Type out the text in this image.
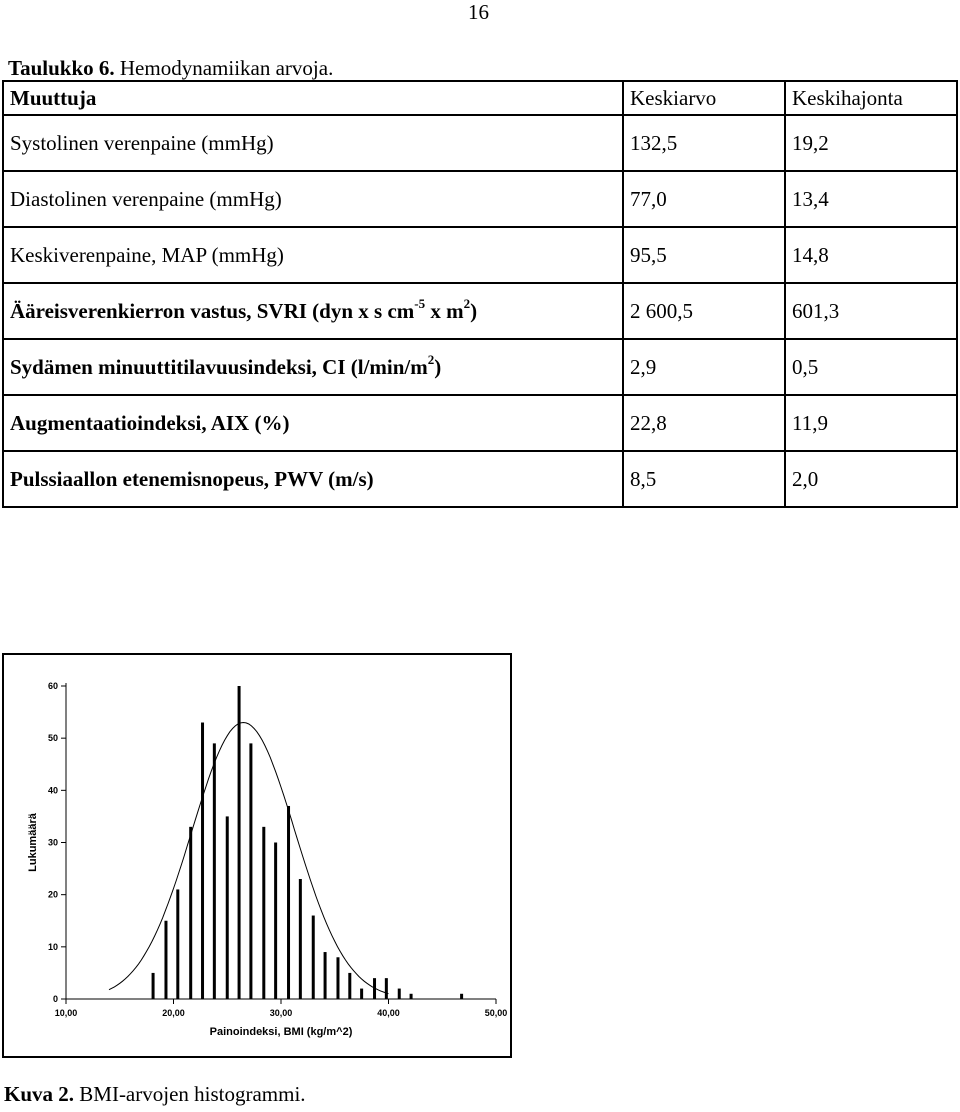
16
Taulukko 6. Hemodynamiikan arvoja.
Muuttuja	Keskiarvo	Keskihajonta
Systolinen verenpaine (mmHg)	132,5	19,2
Diastolinen verenpaine (mmHg)	77,0	13,4
Keskiverenpaine, MAP (mmHg)	95,5	14,8
Ääreisverenkierron vastus, SVRI (dyn x s $cm^{-5}$ x $m^2$)	2 600,5	601,3
Sydämen minuuttitilavuusindeksi, CI $(l/\min/m^2)$	2,9	0,5
Augmentaatioindeksi, AIX (%)	22,8	11,9
Pulssiaallon etenemisnopeus, PWV (m/s)	8,5	2,0
0
10
20
30
40
50
60
10,00	20,00	30,00	40,00	50,00
Painoindeksi, BMI (kg/m^2)
Lukumäärä
Kuva 2. BMI-arvojen histogrammi.
